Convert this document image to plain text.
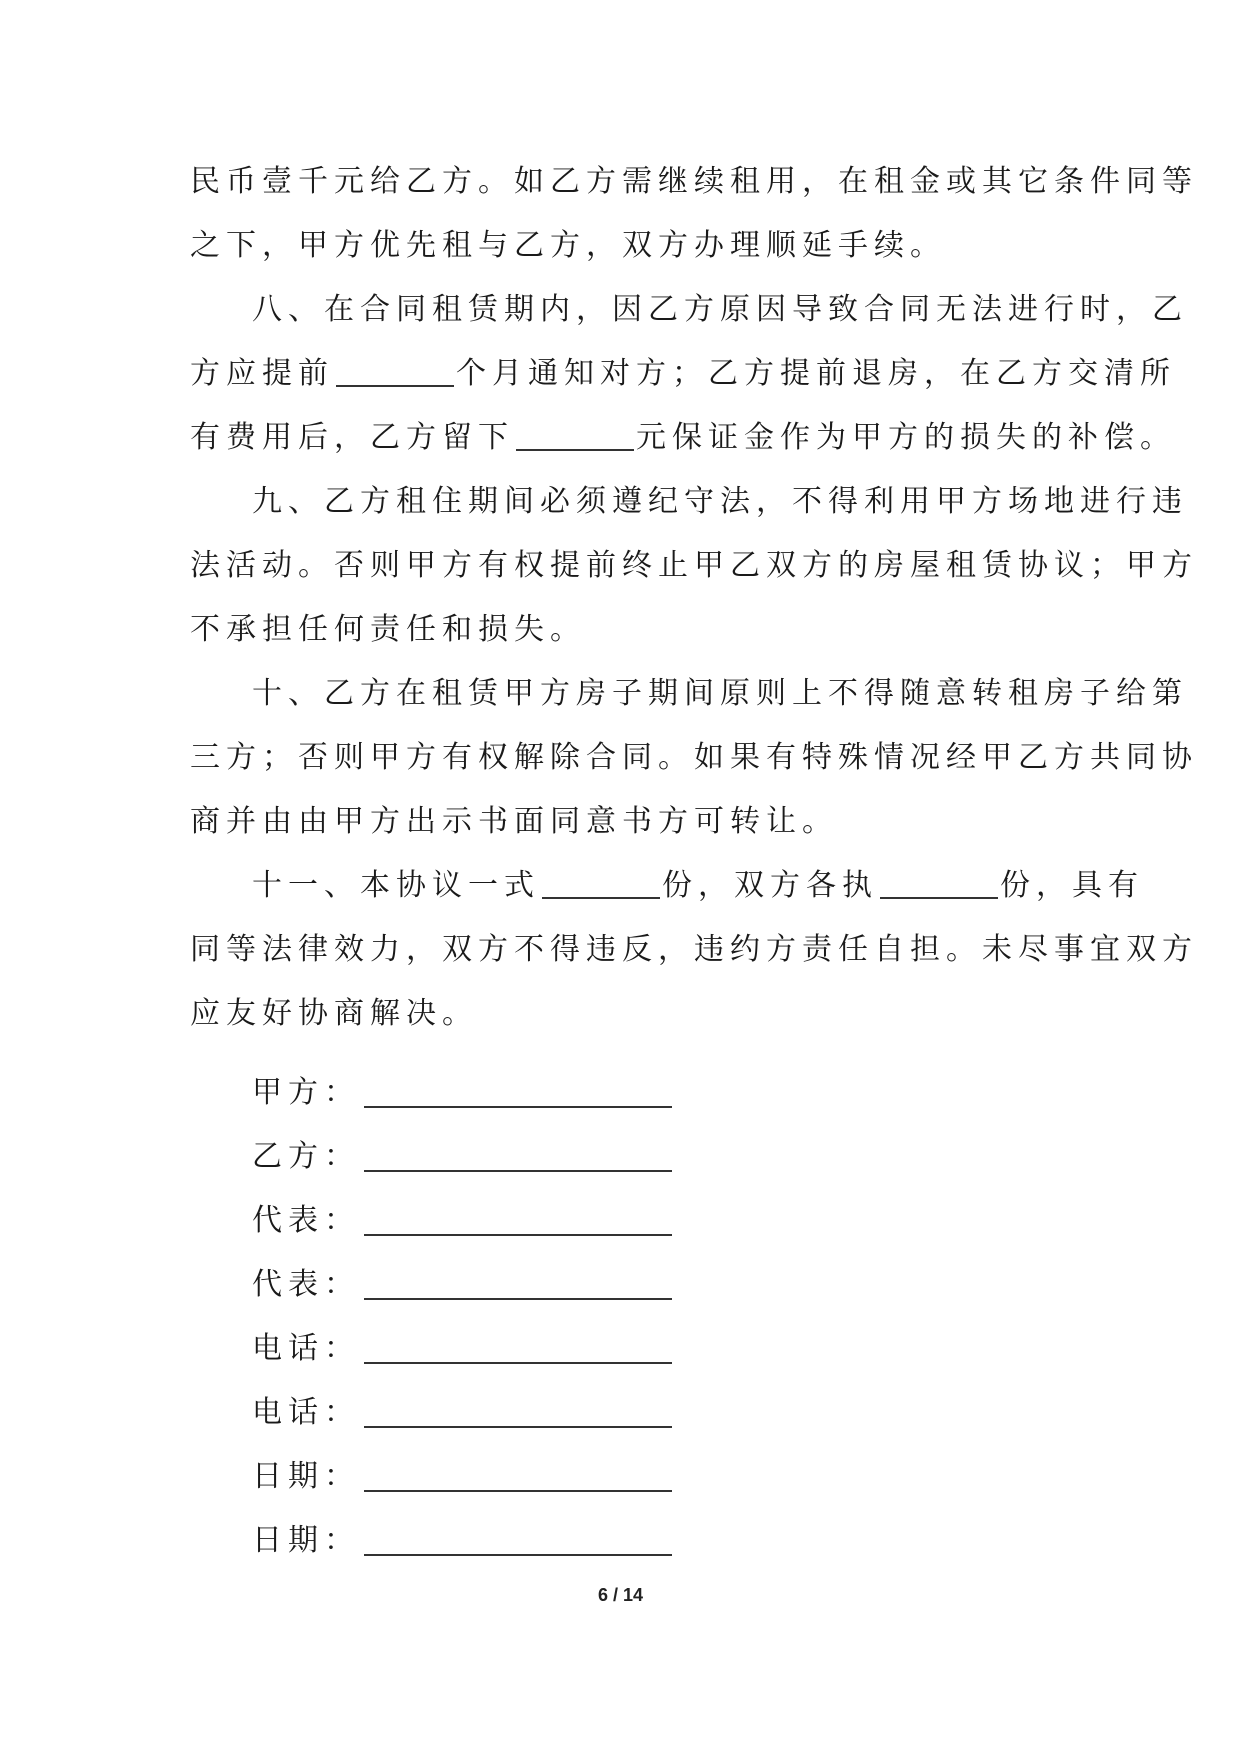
民币壹千元给乙方。如乙方需继续租用，在租金或其它条件同等
之下，甲方优先租与乙方，双方办理顺延手续。
八、在合同租赁期内，因乙方原因导致合同无法进行时，乙
方应提前	个月通知对方；乙方提前退房，在乙方交清所
有费用后，乙方留下	元保证金作为甲方的损失的补偿。
九、乙方租住期间必须遵纪守法，不得利用甲方场地进行违
法活动。否则甲方有权提前终止甲乙双方的房屋租赁协议；甲方
不承担任何责任和损失。
十、乙方在租赁甲方房子期间原则上不得随意转租房子给第
三方；否则甲方有权解除合同。如果有特殊情况经甲乙方共同协
商并由由甲方出示书面同意书方可转让。
十一、本协议一式	份，双方各执	份，具有
同等法律效力，双方不得违反，违约方责任自担。未尽事宜双方
应友好协商解决。
甲方：
乙方：
代表：
代表：
电话：
电话：
日期：
日期：
6 / 14
